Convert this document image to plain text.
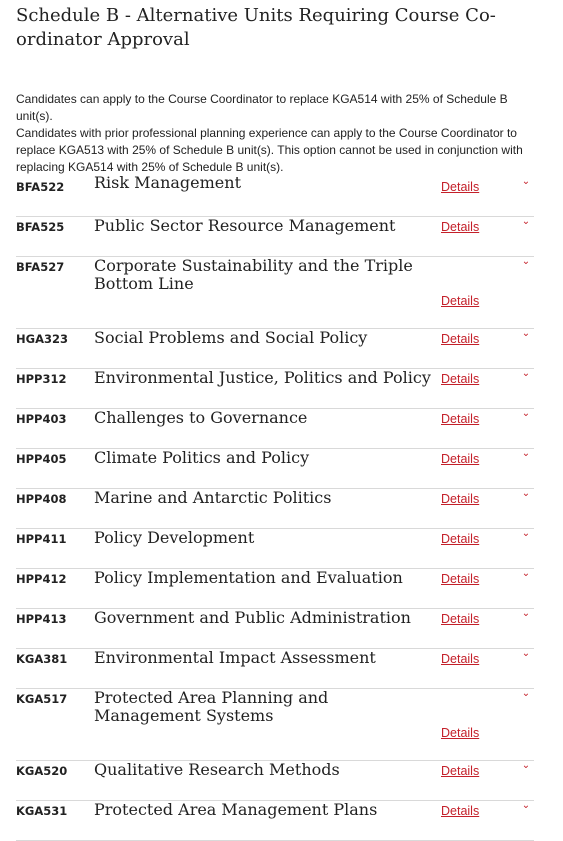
Schedule B - Alternative Units Requiring Course Co-ordinator Approval

Candidates can apply to the Course Coordinator to replace KGA514 with 25% of Schedule B unit(s).

Candidates with prior professional planning experience can apply to the Course Coordinator to replace KGA513 with 25% of Schedule B unit(s). This option cannot be used in conjunction with replacing KGA514 with 25% of Schedule B unit(s).

BFA522 Risk Management	Details	⌄
BFA525 Public Sector Resource Management	Details	⌄
BFA527 Corporate Sustainability and the Triple Bottom Line
Details
⌄
HGA323 Social Problems and Social Policy	Details	⌄
HPP312 Environmental Justice, Politics and Policy Details	⌄
HPP403 Challenges to Governance	Details	⌄
HPP405 Climate Politics and Policy	Details	⌄
HPP408 Marine and Antarctic Politics	Details	⌄
HPP411 Policy Development	Details	⌄
HPP412 Policy Implementation and Evaluation	Details	⌄
HPP413 Government and Public Administration	Details	⌄
KGA381 Environmental Impact Assessment	Details	⌄
KGA517 Protected Area Planning and Management Systems
Details
⌄
KGA520 Qualitative Research Methods	Details	⌄
KGA531 Protected Area Management Plans	Details	⌄
